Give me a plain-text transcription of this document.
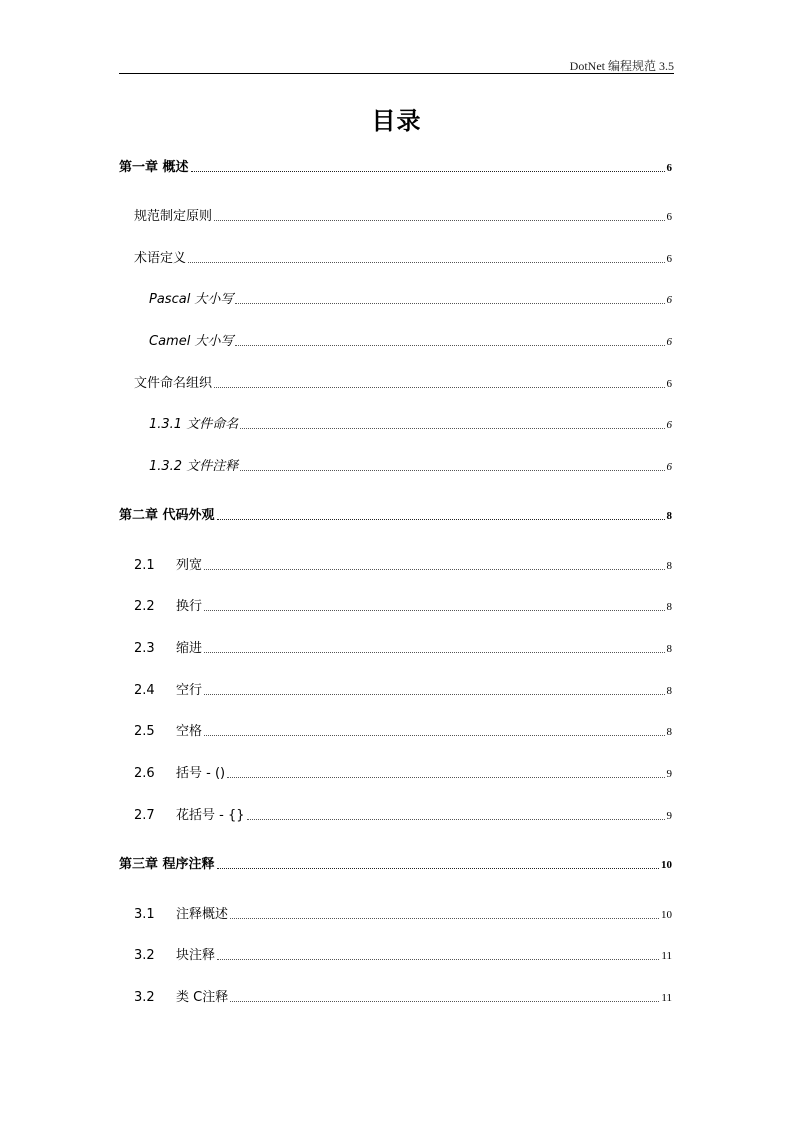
DotNet 编程规范 3.5
目录
第一章 概述	6
规范制定原则	6
术语定义	6
Pascal 大小写	6
Camel 大小写	6
文件命名组织	6
1.3.1 文件命名	6
1.3.2 文件注释	6
第二章 代码外观	8
2.1	列宽	8
2.2	换行	8
2.3	缩进	8
2.4	空行	8
2.5	空格	8
2.6	括号 - ()	9
2.7	花括号 - {}	9
第三章 程序注释	10
3.1	注释概述	10
3.2	块注释	11
3.2	类 C注释	11
